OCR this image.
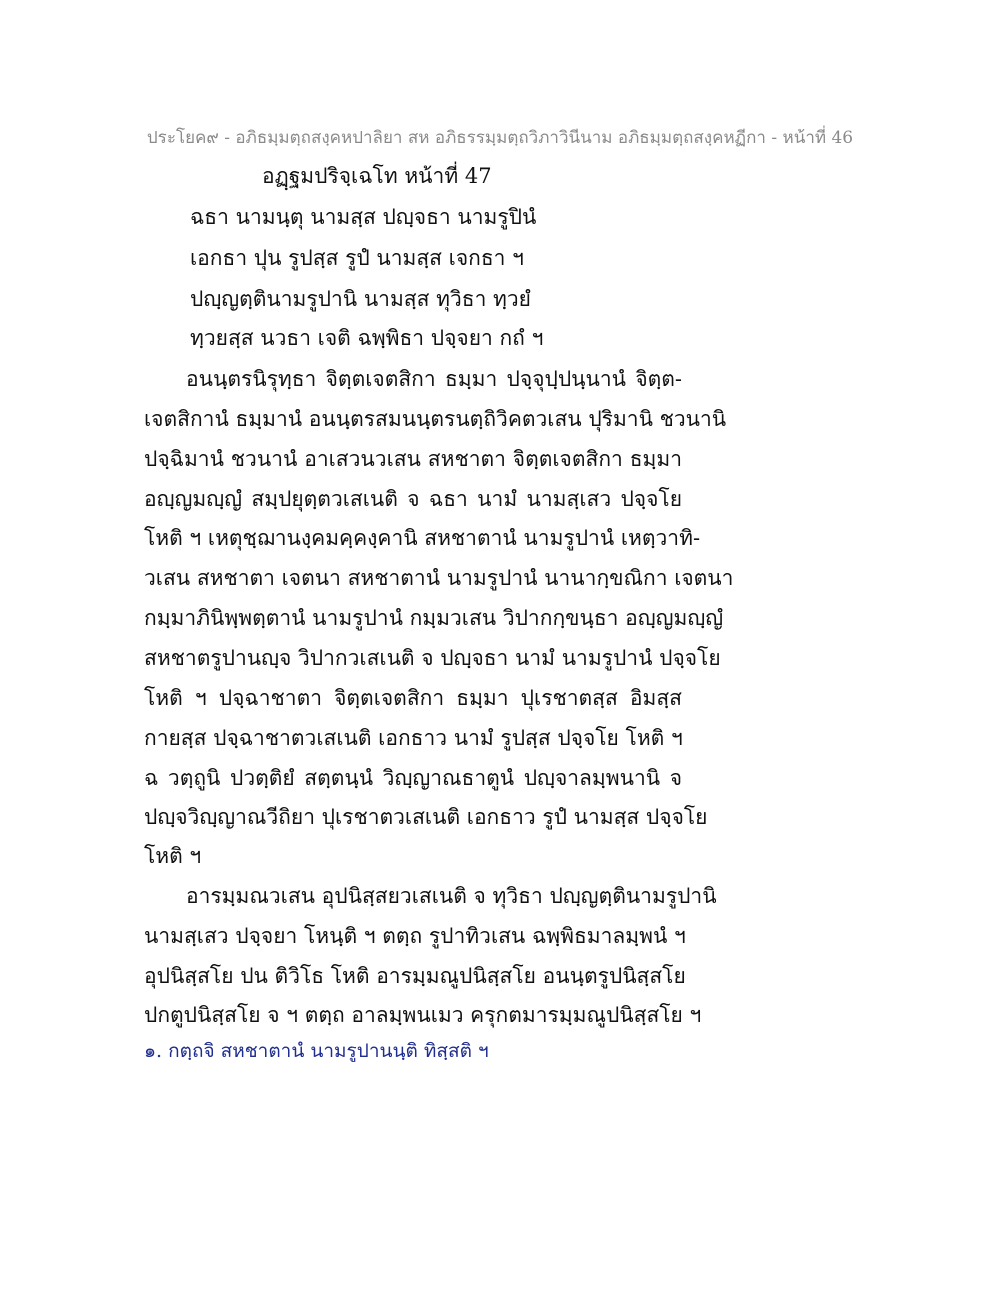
ประโยค๙ - อภิธมฺมตฺถสงฺคหปาลิยา สห อภิธรรมฺมตฺถวิภาวินีนาม อภิธมฺมตฺถสงฺคหฏีกา - หน้าที่ 46
อฏฺฐมปริจฺเฉโท หน้าที่ 47
ฉธา นามนฺตุ นามสฺส ปญฺจธา นามรูปินํ
เอกธา ปุน รูปสฺส รูปํ นามสฺส เจกธา ฯ
ปญฺญตฺตินามรูปานิ นามสฺส ทุวิธา ทฺวยํ
ทฺวยสฺส นวธา เจติ ฉพฺพิธา ปจฺจยา กถํ ฯ
อนนฺตรนิรุทฺธา จิตฺตเจตสิกา ธมฺมา ปจฺจุปฺปนฺนานํ จิตฺต-
เจตสิกานํ ธมฺมานํ อนนฺตรสมนนฺตรนตฺถิวิคตวเสน ปุริมานิ ชวนานิ
ปจฺฉิมานํ ชวนานํ อาเสวนวเสน สหชาตา จิตฺตเจตสิกา ธมฺมา
อญฺญมญฺญํ สมฺปยุตฺตวเสเนติ จ ฉธา นามํ นามสฺเสว ปจฺจโย
โหติ ฯ เหตุชฺฌานงฺคมคฺคงฺคานิ สหชาตานํ นามรูปานํ เหตฺวาทิ-
วเสน สหชาตา เจตนา สหชาตานํ นามรูปานํ นานากฺขณิกา เจตนา
กมฺมาภินิพฺพตฺตานํ นามรูปานํ กมฺมวเสน วิปากกฺขนฺธา อญฺญมญฺญํ
สหชาตรูปานญฺจ วิปากวเสเนติ จ ปญฺจธา นามํ นามรูปานํ ปจฺจโย
โหติ ฯ ปจฺฉาชาตา จิตฺตเจตสิกา ธมฺมา ปุเรชาตสฺส อิมสฺส
กายสฺส ปจฺฉาชาตวเสเนติ เอกธาว นามํ รูปสฺส ปจฺจโย โหติ ฯ
ฉ วตฺถูนิ ปวตฺติยํ สตฺตนฺนํ วิญฺญาณธาตูนํ ปญฺจาลมฺพนานิ จ
ปญฺจวิญฺญาณวีถิยา ปุเรชาตวเสเนติ เอกธาว รูปํ นามสฺส ปจฺจโย
โหติ ฯ
อารมฺมณวเสน อุปนิสฺสยวเสเนติ จ ทุวิธา ปญฺญตฺตินามรูปานิ
นามสฺเสว ปจฺจยา โหนฺติ ฯ ตตฺถ รูปาทิวเสน ฉพฺพิธมาลมฺพนํ ฯ
อุปนิสฺสโย ปน ติวิโธ โหติ อารมฺมณูปนิสฺสโย อนนฺตรูปนิสฺสโย
ปกตูปนิสฺสโย จ ฯ ตตฺถ อาลมฺพนเมว ครุกตมารมฺมณูปนิสฺสโย ฯ
๑. กตฺถจิ สหชาตานํ นามรูปานนฺติ ทิสฺสติ ฯ
